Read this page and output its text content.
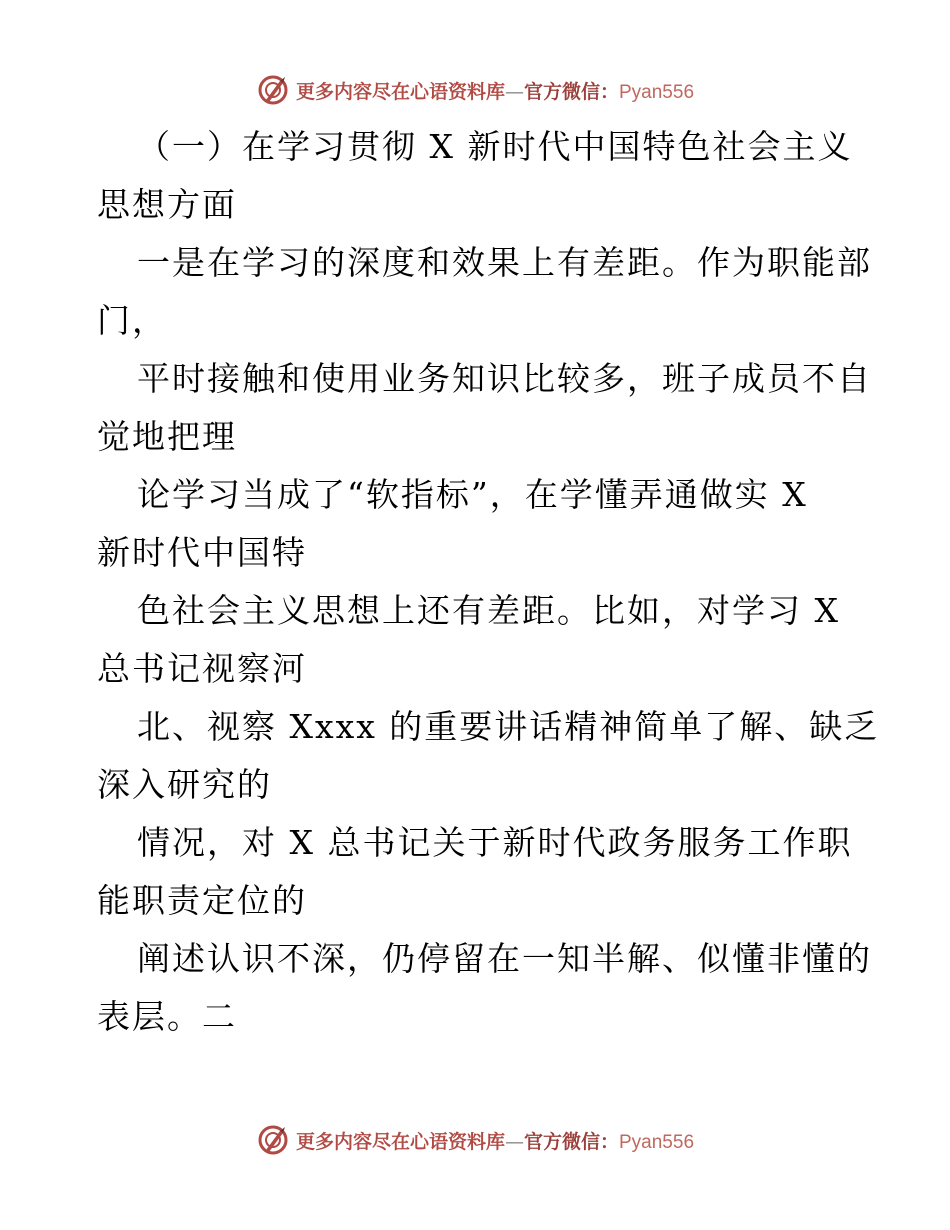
更多内容尽在心语资料库—官方微信：Pyan556
（一）在学习贯彻 X 新时代中国特色社会主义
思想方面
一是在学习的深度和效果上有差距。作为职能部
门，
平时接触和使用业务知识比较多，班子成员不自
觉地把理
论学习当成了“软指标”，在学懂弄通做实 X
新时代中国特
色社会主义思想上还有差距。比如，对学习 X
总书记视察河
北、视察 Xxxx 的重要讲话精神简单了解、缺乏
深入研究的
情况，对 X 总书记关于新时代政务服务工作职
能职责定位的
阐述认识不深，仍停留在一知半解、似懂非懂的
表层。二
更多内容尽在心语资料库—官方微信：Pyan556
